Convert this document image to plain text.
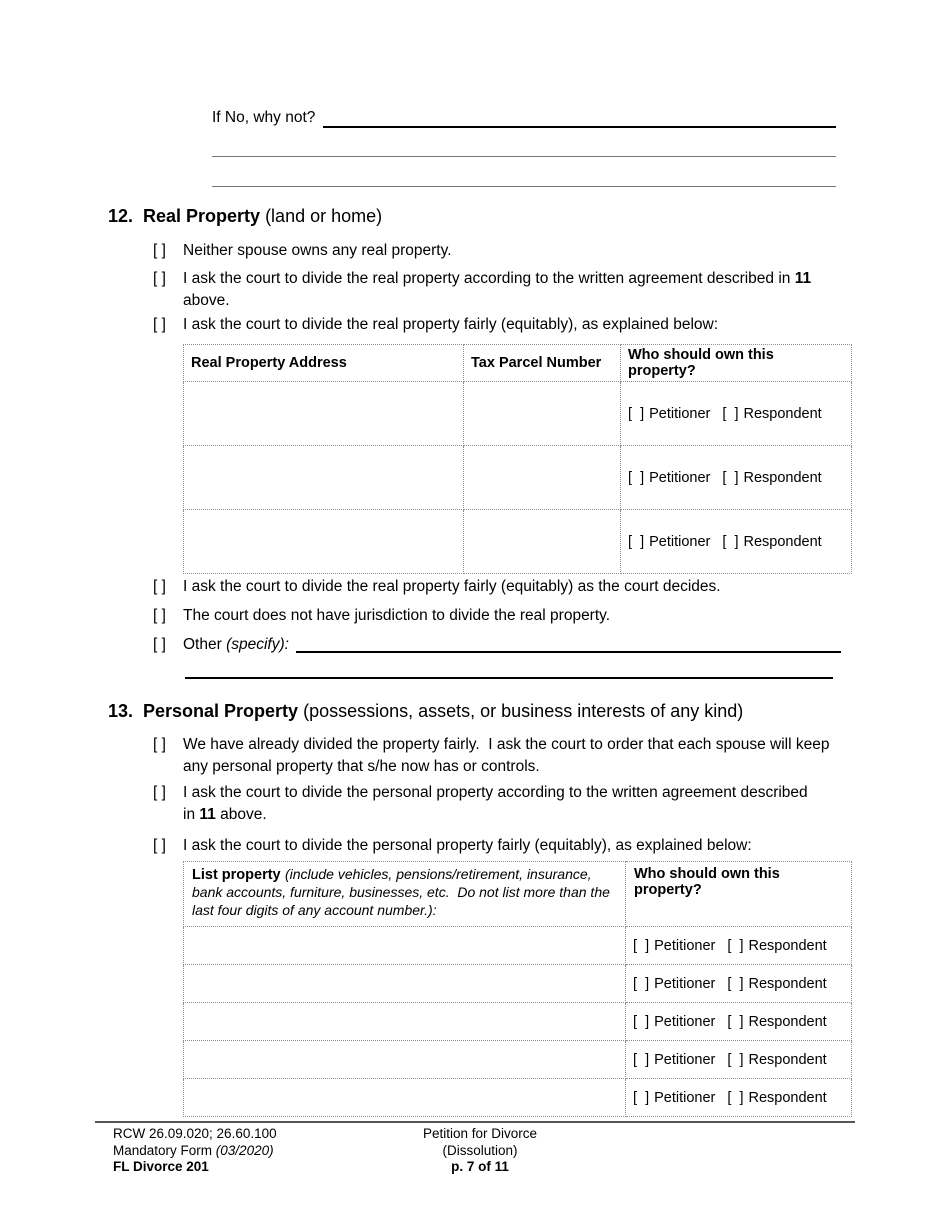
If No, why not?
12. Real Property (land or home)
[ ]	Neither spouse owns any real property.
[ ]	I ask the court to divide the real property according to the written agreement described in 11 above.
[ ]	I ask the court to divide the real property fairly (equitably), as explained below:
Real Property Address	Tax Parcel Number	Who should own this property?
		[  ] Petitioner [  ] Respondent
		[  ] Petitioner [  ] Respondent
		[  ] Petitioner [  ] Respondent
[ ]	I ask the court to divide the real property fairly (equitably) as the court decides.
[ ]	The court does not have jurisdiction to divide the real property.
[ ]	Other
(specify):
13. Personal Property (possessions, assets, or business interests of any kind)
[ ]	We have already divided the property fairly.  I ask the court to order that each spouse will keep any personal property that s/he now has or controls.
[ ]	I ask the court to divide the personal property according to the written agreement described in 11 above.
[ ]	I ask the court to divide the personal property fairly (equitably), as explained below:
List property (include vehicles, pensions/retirement, insurance, bank accounts, furniture, businesses, etc.  Do not list more than the last four digits of any account number.):	Who should own this property?

	[  ] Petitioner [  ] Respondent
	[  ] Petitioner [  ] Respondent
	[  ] Petitioner [  ] Respondent
	[  ] Petitioner [  ] Respondent
	[  ] Petitioner [  ] Respondent
RCW 26.09.020; 26.60.100
Mandatory Form (03/2020)
FL Divorce 201
Petition for Divorce
(Dissolution)
p. 7 of 11
